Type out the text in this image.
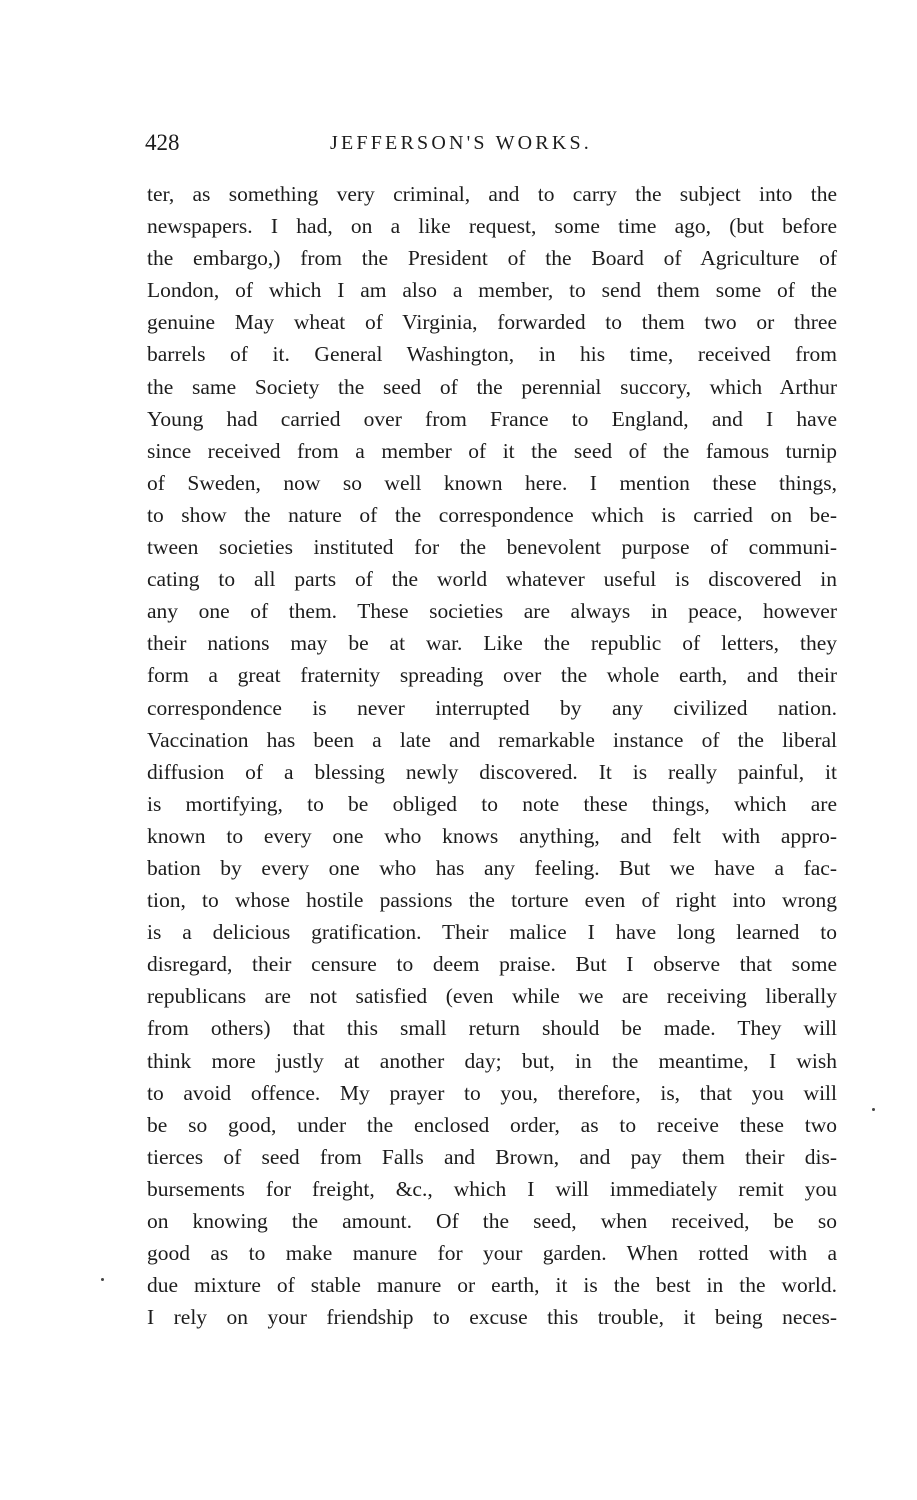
428	JEFFERSON'S WORKS.
ter, as something very criminal, and to carry the subject into the
newspapers. I had, on a like request, some time ago, (but before
the embargo,) from the President of the Board of Agriculture of
London, of which I am also a member, to send them some of the
genuine May wheat of Virginia, forwarded to them two or three
barrels of it. General Washington, in his time, received from
the same Society the seed of the perennial succory, which Arthur
Young had carried over from France to England, and I have
since received from a member of it the seed of the famous turnip
of Sweden, now so well known here. I mention these things,
to show the nature of the correspondence which is carried on be-
tween societies instituted for the benevolent purpose of communi-
cating to all parts of the world whatever useful is discovered in
any one of them. These societies are always in peace, however
their nations may be at war. Like the republic of letters, they
form a great fraternity spreading over the whole earth, and their
correspondence is never interrupted by any civilized nation.
Vaccination has been a late and remarkable instance of the liberal
diffusion of a blessing newly discovered. It is really painful, it
is mortifying, to be obliged to note these things, which are
known to every one who knows anything, and felt with appro-
bation by every one who has any feeling. But we have a fac-
tion, to whose hostile passions the torture even of right into wrong
is a delicious gratification. Their malice I have long learned to
disregard, their censure to deem praise. But I observe that some
republicans are not satisfied (even while we are receiving liberally
from others) that this small return should be made. They will
think more justly at another day; but, in the meantime, I wish
to avoid offence. My prayer to you, therefore, is, that you will
be so good, under the enclosed order, as to receive these two
tierces of seed from Falls and Brown, and pay them their dis-
bursements for freight, &c., which I will immediately remit you
on knowing the amount. Of the seed, when received, be so
good as to make manure for your garden. When rotted with a
due mixture of stable manure or earth, it is the best in the world.
I rely on your friendship to excuse this trouble, it being neces-
